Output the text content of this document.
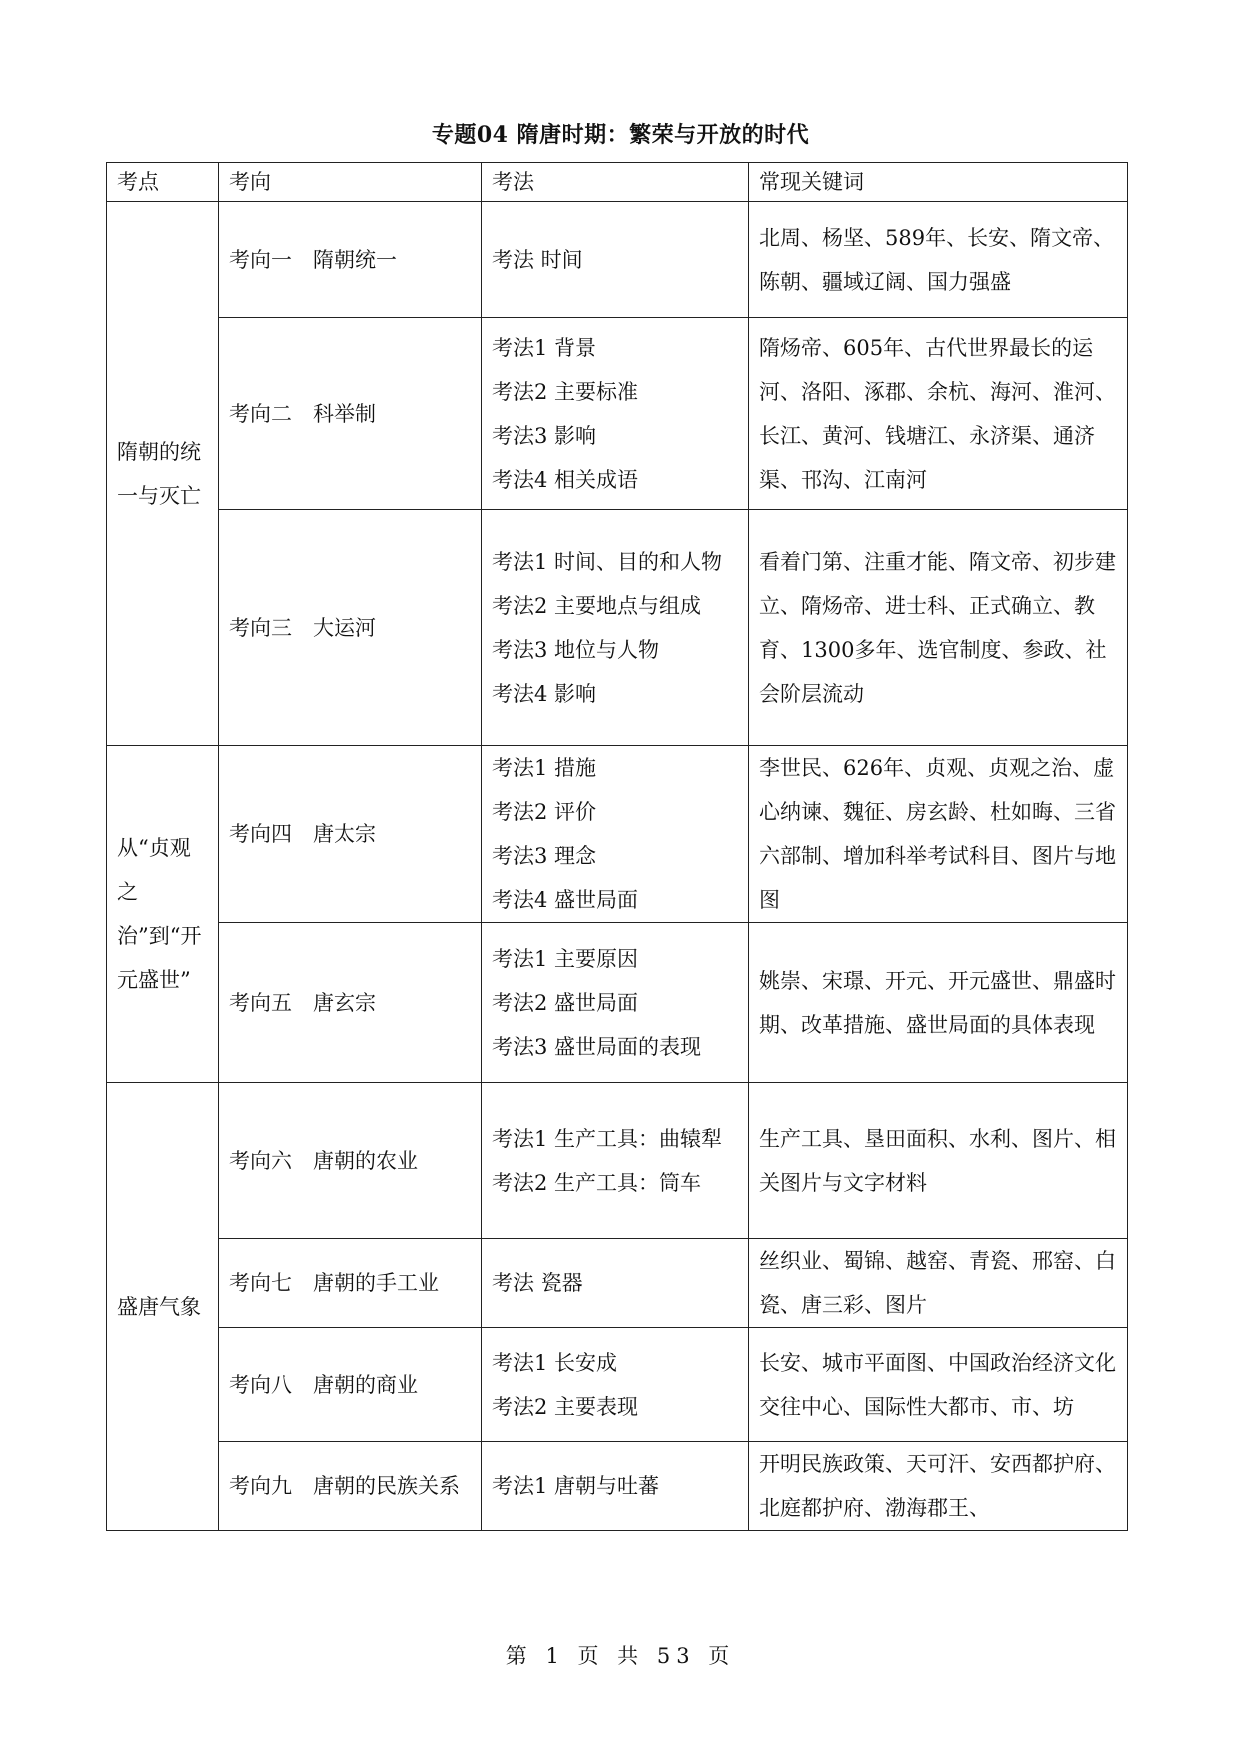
专题04 隋唐时期：繁荣与开放的时代
考点	考向	考法	常现关键词
隋朝的统一与灭亡	考向一　隋朝统一	考法 时间	北周、杨坚、589年、长安、隋文帝、陈朝、疆域辽阔、国力强盛
	考向二　科举制	考法1 背景
考法2 主要标准
考法3 影响
考法4 相关成语	隋炀帝、605年、古代世界最长的运河、洛阳、涿郡、余杭、海河、淮河、长江、黄河、钱塘江、永济渠、通济渠、邗沟、江南河
	考向三　大运河	考法1 时间、目的和人物
考法2 主要地点与组成
考法3 地位与人物
考法4 影响	看着门第、注重才能、隋文帝、初步建立、隋炀帝、进士科、正式确立、教育、1300多年、选官制度、参政、社会阶层流动
从“贞观之治”到“开元盛世”	考向四　唐太宗	考法1 措施
考法2 评价
考法3 理念
考法4 盛世局面	李世民、626年、贞观、贞观之治、虚心纳谏、魏征、房玄龄、杜如晦、三省六部制、增加科举考试科目、图片与地图
	考向五　唐玄宗	考法1 主要原因
考法2 盛世局面
考法3 盛世局面的表现	姚崇、宋璟、开元、开元盛世、鼎盛时期、改革措施、盛世局面的具体表现
盛唐气象	考向六　唐朝的农业	考法1 生产工具：曲辕犁
考法2 生产工具：筒车	生产工具、垦田面积、水利、图片、相关图片与文字材料
	考向七　唐朝的手工业	考法 瓷器	丝织业、蜀锦、越窑、青瓷、邢窑、白瓷、唐三彩、图片
	考向八　唐朝的商业	考法1 长安成
考法2 主要表现	长安、城市平面图、中国政治经济文化交往中心、国际性大都市、市、坊
	考向九　唐朝的民族关系	考法1 唐朝与吐蕃	开明民族政策、天可汗、安西都护府、北庭都护府、渤海郡王、
第 1 页 共 53 页
